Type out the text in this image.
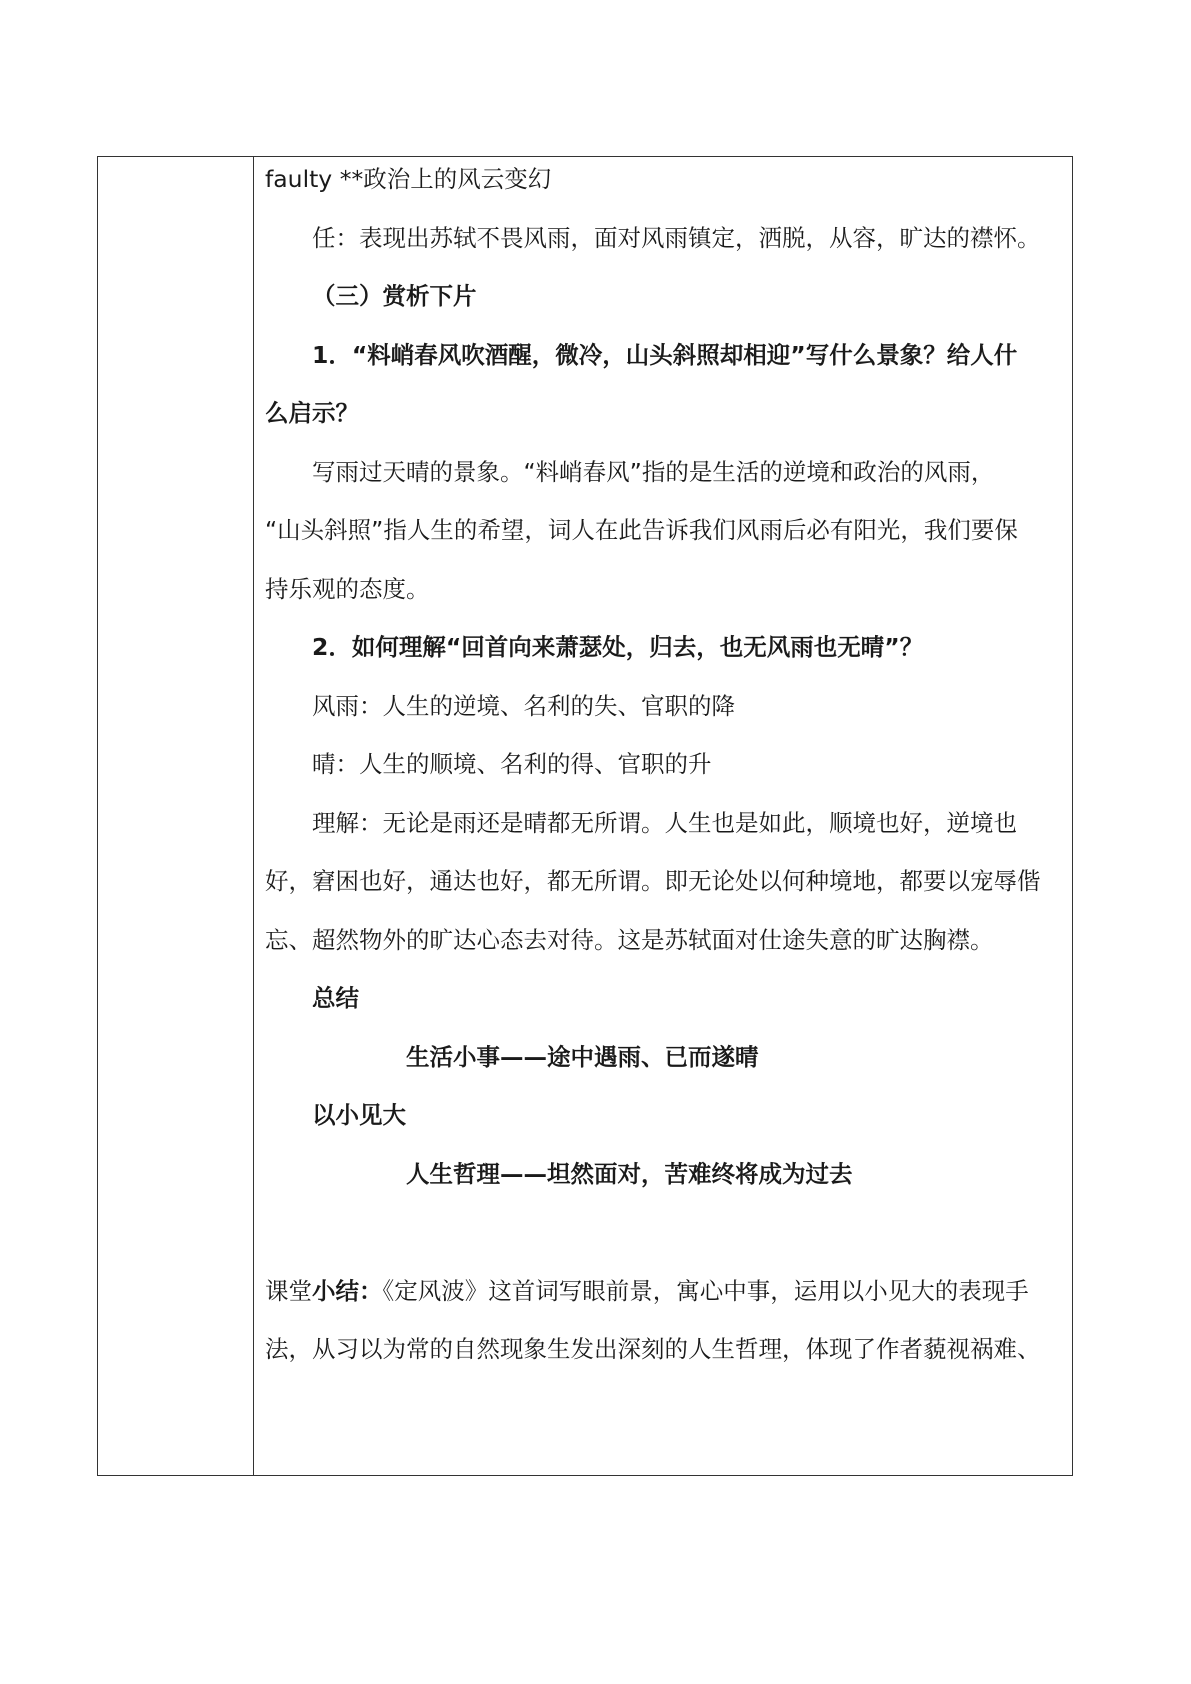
faulty **政治上的风云变幻
任：表现出苏轼不畏风雨，面对风雨镇定，洒脱，从容，旷达的襟怀。
（三）赏析下片
1．“料峭春风吹酒醒，微冷，山头斜照却相迎”写什么景象？给人什
么启示？
写雨过天晴的景象。“料峭春风”指的是生活的逆境和政治的风雨，
“山头斜照”指人生的希望，词人在此告诉我们风雨后必有阳光，我们要保
持乐观的态度。
2．如何理解“回首向来萧瑟处，归去，也无风雨也无晴”？
风雨：人生的逆境、名利的失、官职的降
晴：人生的顺境、名利的得、官职的升
理解：无论是雨还是晴都无所谓。人生也是如此，顺境也好，逆境也
好，窘困也好，通达也好，都无所谓。即无论处以何种境地，都要以宠辱偕
忘、超然物外的旷达心态去对待。这是苏轼面对仕途失意的旷达胸襟。
总结
生活小事——途中遇雨、已而遂晴
以小见大
人生哲理——坦然面对，苦难终将成为过去
课堂小结：《定风波》这首词写眼前景，寓心中事，运用以小见大的表现手
法，从习以为常的自然现象生发出深刻的人生哲理，体现了作者藐视祸难、
